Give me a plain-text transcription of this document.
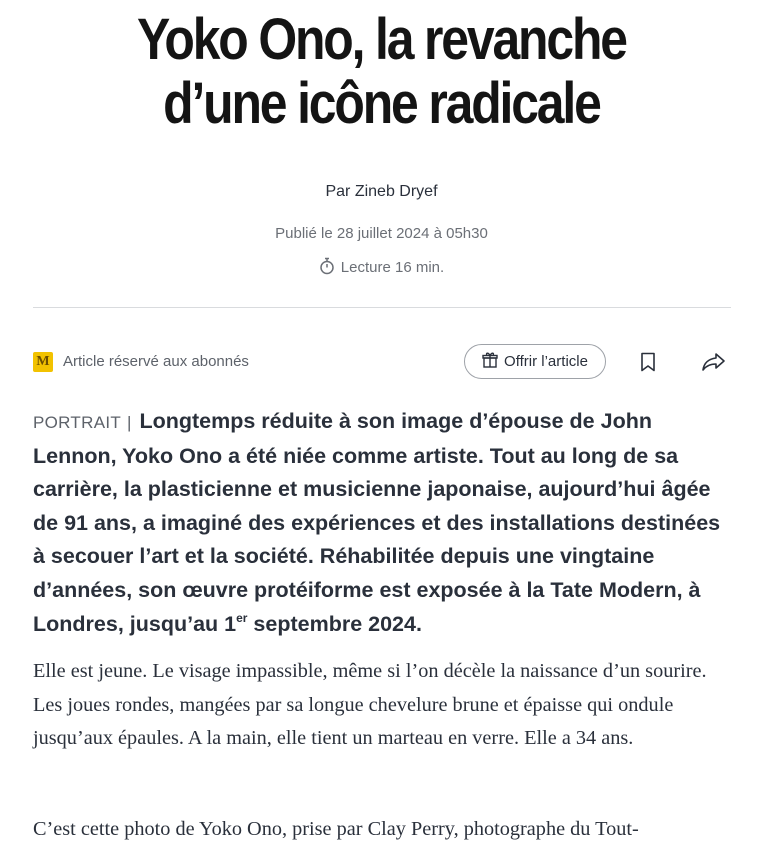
Yoko Ono, la revanche
d’une icône radicale
Par Zineb Dryef
Publié le 28 juillet 2024 à 05h30
Lecture 16 min.
M Article réservé aux abonnés	Offrir l’article

PORTRAIT | Longtemps réduite à son image d’épouse de John Lennon, Yoko Ono a été niée comme artiste. Tout au long de sa carrière, la plasticienne et musicienne japonaise, aujourd’hui âgée de 91 ans, a imaginé des expériences et des installations destinées à secouer l’art et la société. Réhabilitée depuis une vingtaine d’années, son œuvre protéiforme est exposée à la Tate Modern, à Londres, jusqu’au 1er septembre 2024.

Elle est jeune. Le visage impassible, même si l’on décèle la naissance d’un sourire. Les joues rondes, mangées par sa longue chevelure brune et épaisse qui ondule jusqu’aux épaules. A la main, elle tient un marteau en verre. Elle a 34 ans.

C’est cette photo de Yoko Ono, prise par Clay Perry, photographe du Tout-
